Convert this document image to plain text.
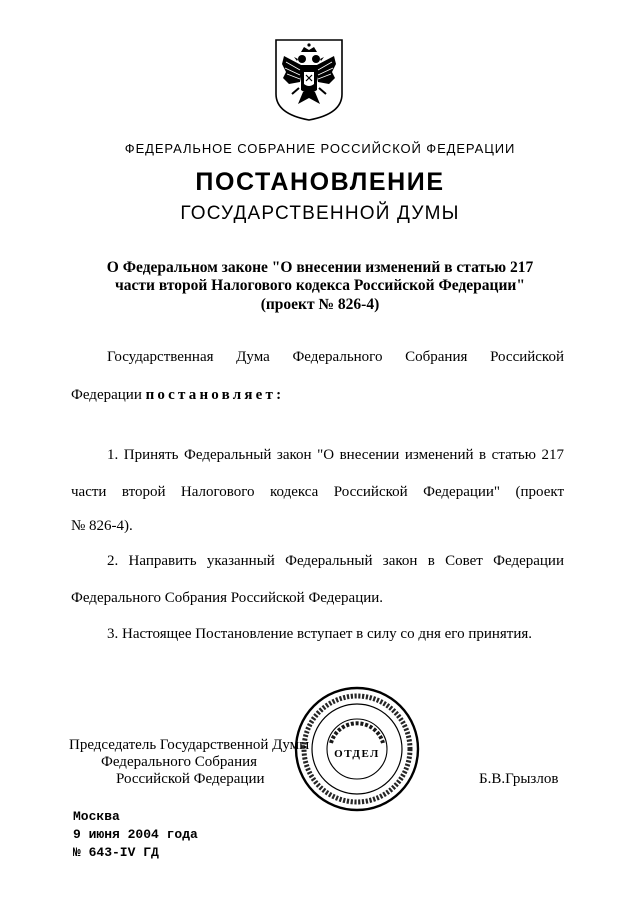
ФЕДЕРАЛЬНОЕ СОБРАНИЕ РОССИЙСКОЙ ФЕДЕРАЦИИ
ПОСТАНОВЛЕНИЕ
ГОСУДАРСТВЕННОЙ ДУМЫ
О Федеральном законе "О внесении изменений в статью 217
части второй Налогового кодекса Российской Федерации"
(проект № 826-4)
Государственная Дума Федерального Собрания Российской
Федерации постановляет:
1. Принять Федеральный закон "О внесении изменений в статью 217
части второй Налогового кодекса Российской Федерации" (проект
№ 826-4).
2. Направить указанный Федеральный закон в Совет Федерации
Федерального Собрания Российской Федерации.
3. Настоящее Постановление вступает в силу со дня его принятия.
Председатель Государственной Думы
Федерального Собрания
Российской Федерации	Б.В.Грызлов
ОТДЕЛ
Москва
9 июня 2004 года
№ 643-IV ГД
